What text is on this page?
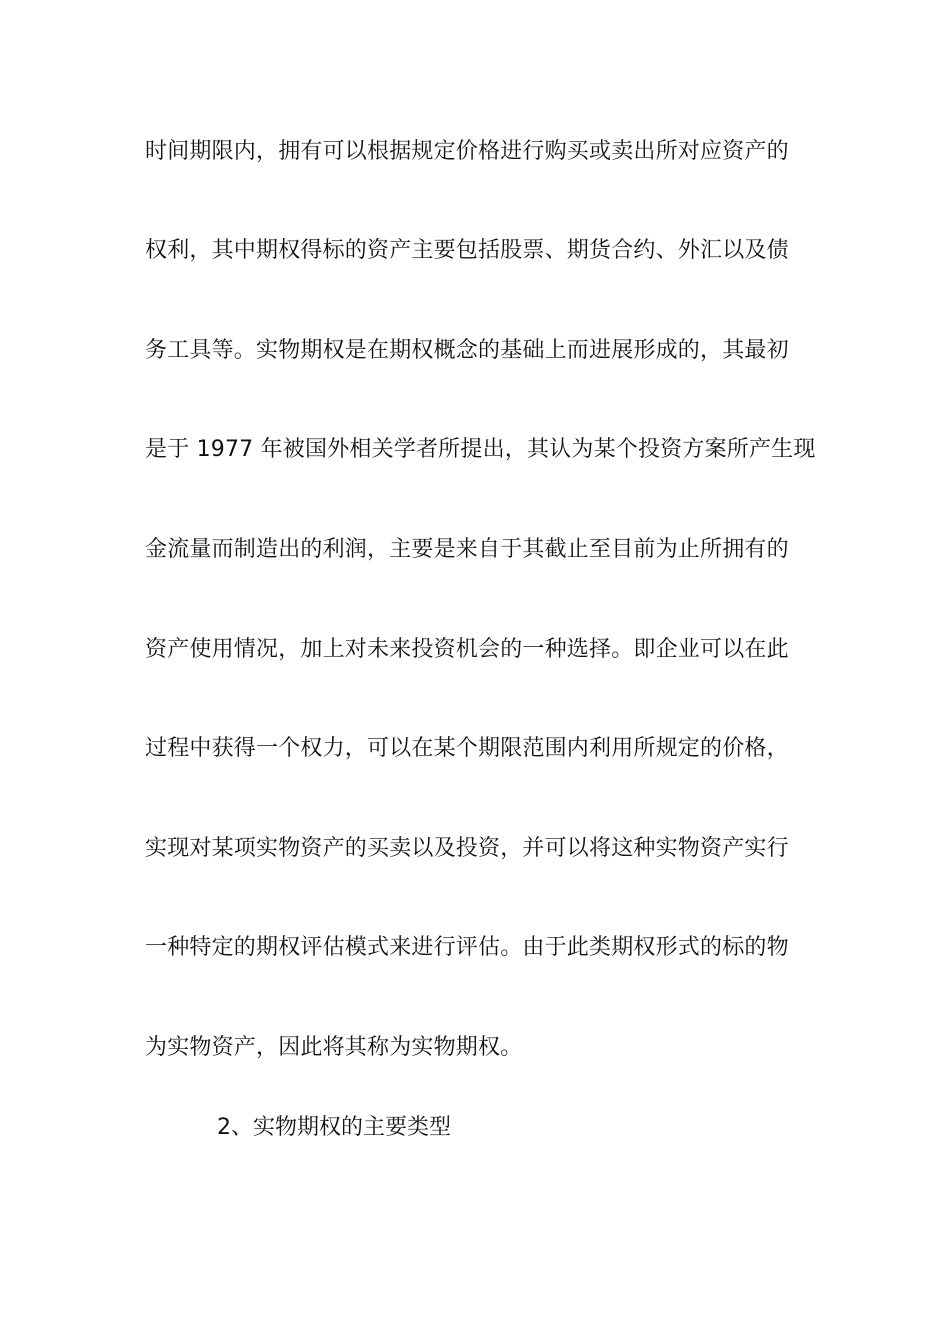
时间期限内，拥有可以根据规定价格进行购买或卖出所对应资产的
权利，其中期权得标的资产主要包括股票、期货合约、外汇以及债
务工具等。实物期权是在期权概念的基础上而进展形成的，其最初
是于 1977 年被国外相关学者所提出，其认为某个投资方案所产生现
金流量而制造出的利润，主要是来自于其截止至目前为止所拥有的
资产使用情况，加上对未来投资机会的一种选择。即企业可以在此
过程中获得一个权力，可以在某个期限范围内利用所规定的价格，
实现对某项实物资产的买卖以及投资，并可以将这种实物资产实行
一种特定的期权评估模式来进行评估。由于此类期权形式的标的物
为实物资产，因此将其称为实物期权。
2、实物期权的主要类型
